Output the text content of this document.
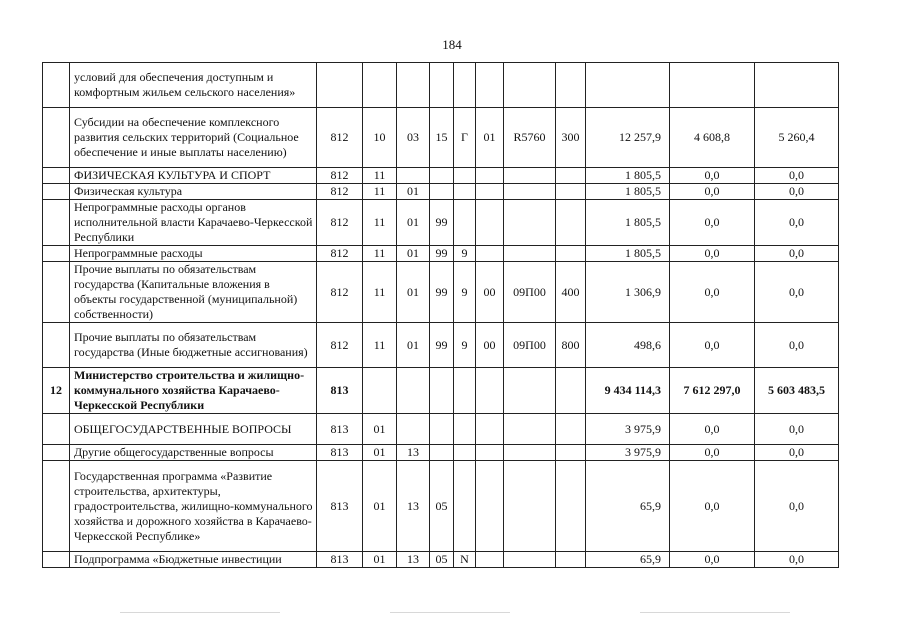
184
	условий для обеспечения доступным и комфортным жильем сельского населения»											
	Субсидии на обеспечение комплексного развития сельских территорий (Социальное обеспечение и иные выплаты населению)	812	10	03	15	Г	01	R5760	300	12 257,9	4 608,8	5 260,4
	ФИЗИЧЕСКАЯ КУЛЬТУРА И СПОРТ	812	11							1 805,5	0,0	0,0
	Физическая культура	812	11	01						1 805,5	0,0	0,0
	Непрограммные расходы органов исполнительной власти Карачаево-Черкесской Республики	812	11	01	99					1 805,5	0,0	0,0
	Непрограммные расходы	812	11	01	99	9				1 805,5	0,0	0,0
	Прочие выплаты по обязательствам государства (Капитальные вложения в объекты государственной (муниципальной) собственности)	812	11	01	99	9	00	09П00	400	1 306,9	0,0	0,0
	Прочие выплаты по обязательствам государства (Иные бюджетные ассигнования)	812	11	01	99	9	00	09П00	800	498,6	0,0	0,0
12	Министерство строительства и жилищно-коммунального хозяйства Карачаево-Черкесской Республики	813								9 434 114,3	7 612 297,0	5 603 483,5
	ОБЩЕГОСУДАРСТВЕННЫЕ ВОПРОСЫ	813	01							3 975,9	0,0	0,0
	Другие общегосударственные вопросы	813	01	13						3 975,9	0,0	0,0
	Государственная программа «Развитие строительства, архитектуры, градостроительства, жилищно-коммунального хозяйства и дорожного хозяйства в Карачаево-Черкесской Республике»	813	01	13	05					65,9	0,0	0,0
	Подпрограмма «Бюджетные инвестиции	813	01	13	05	N				65,9	0,0	0,0
